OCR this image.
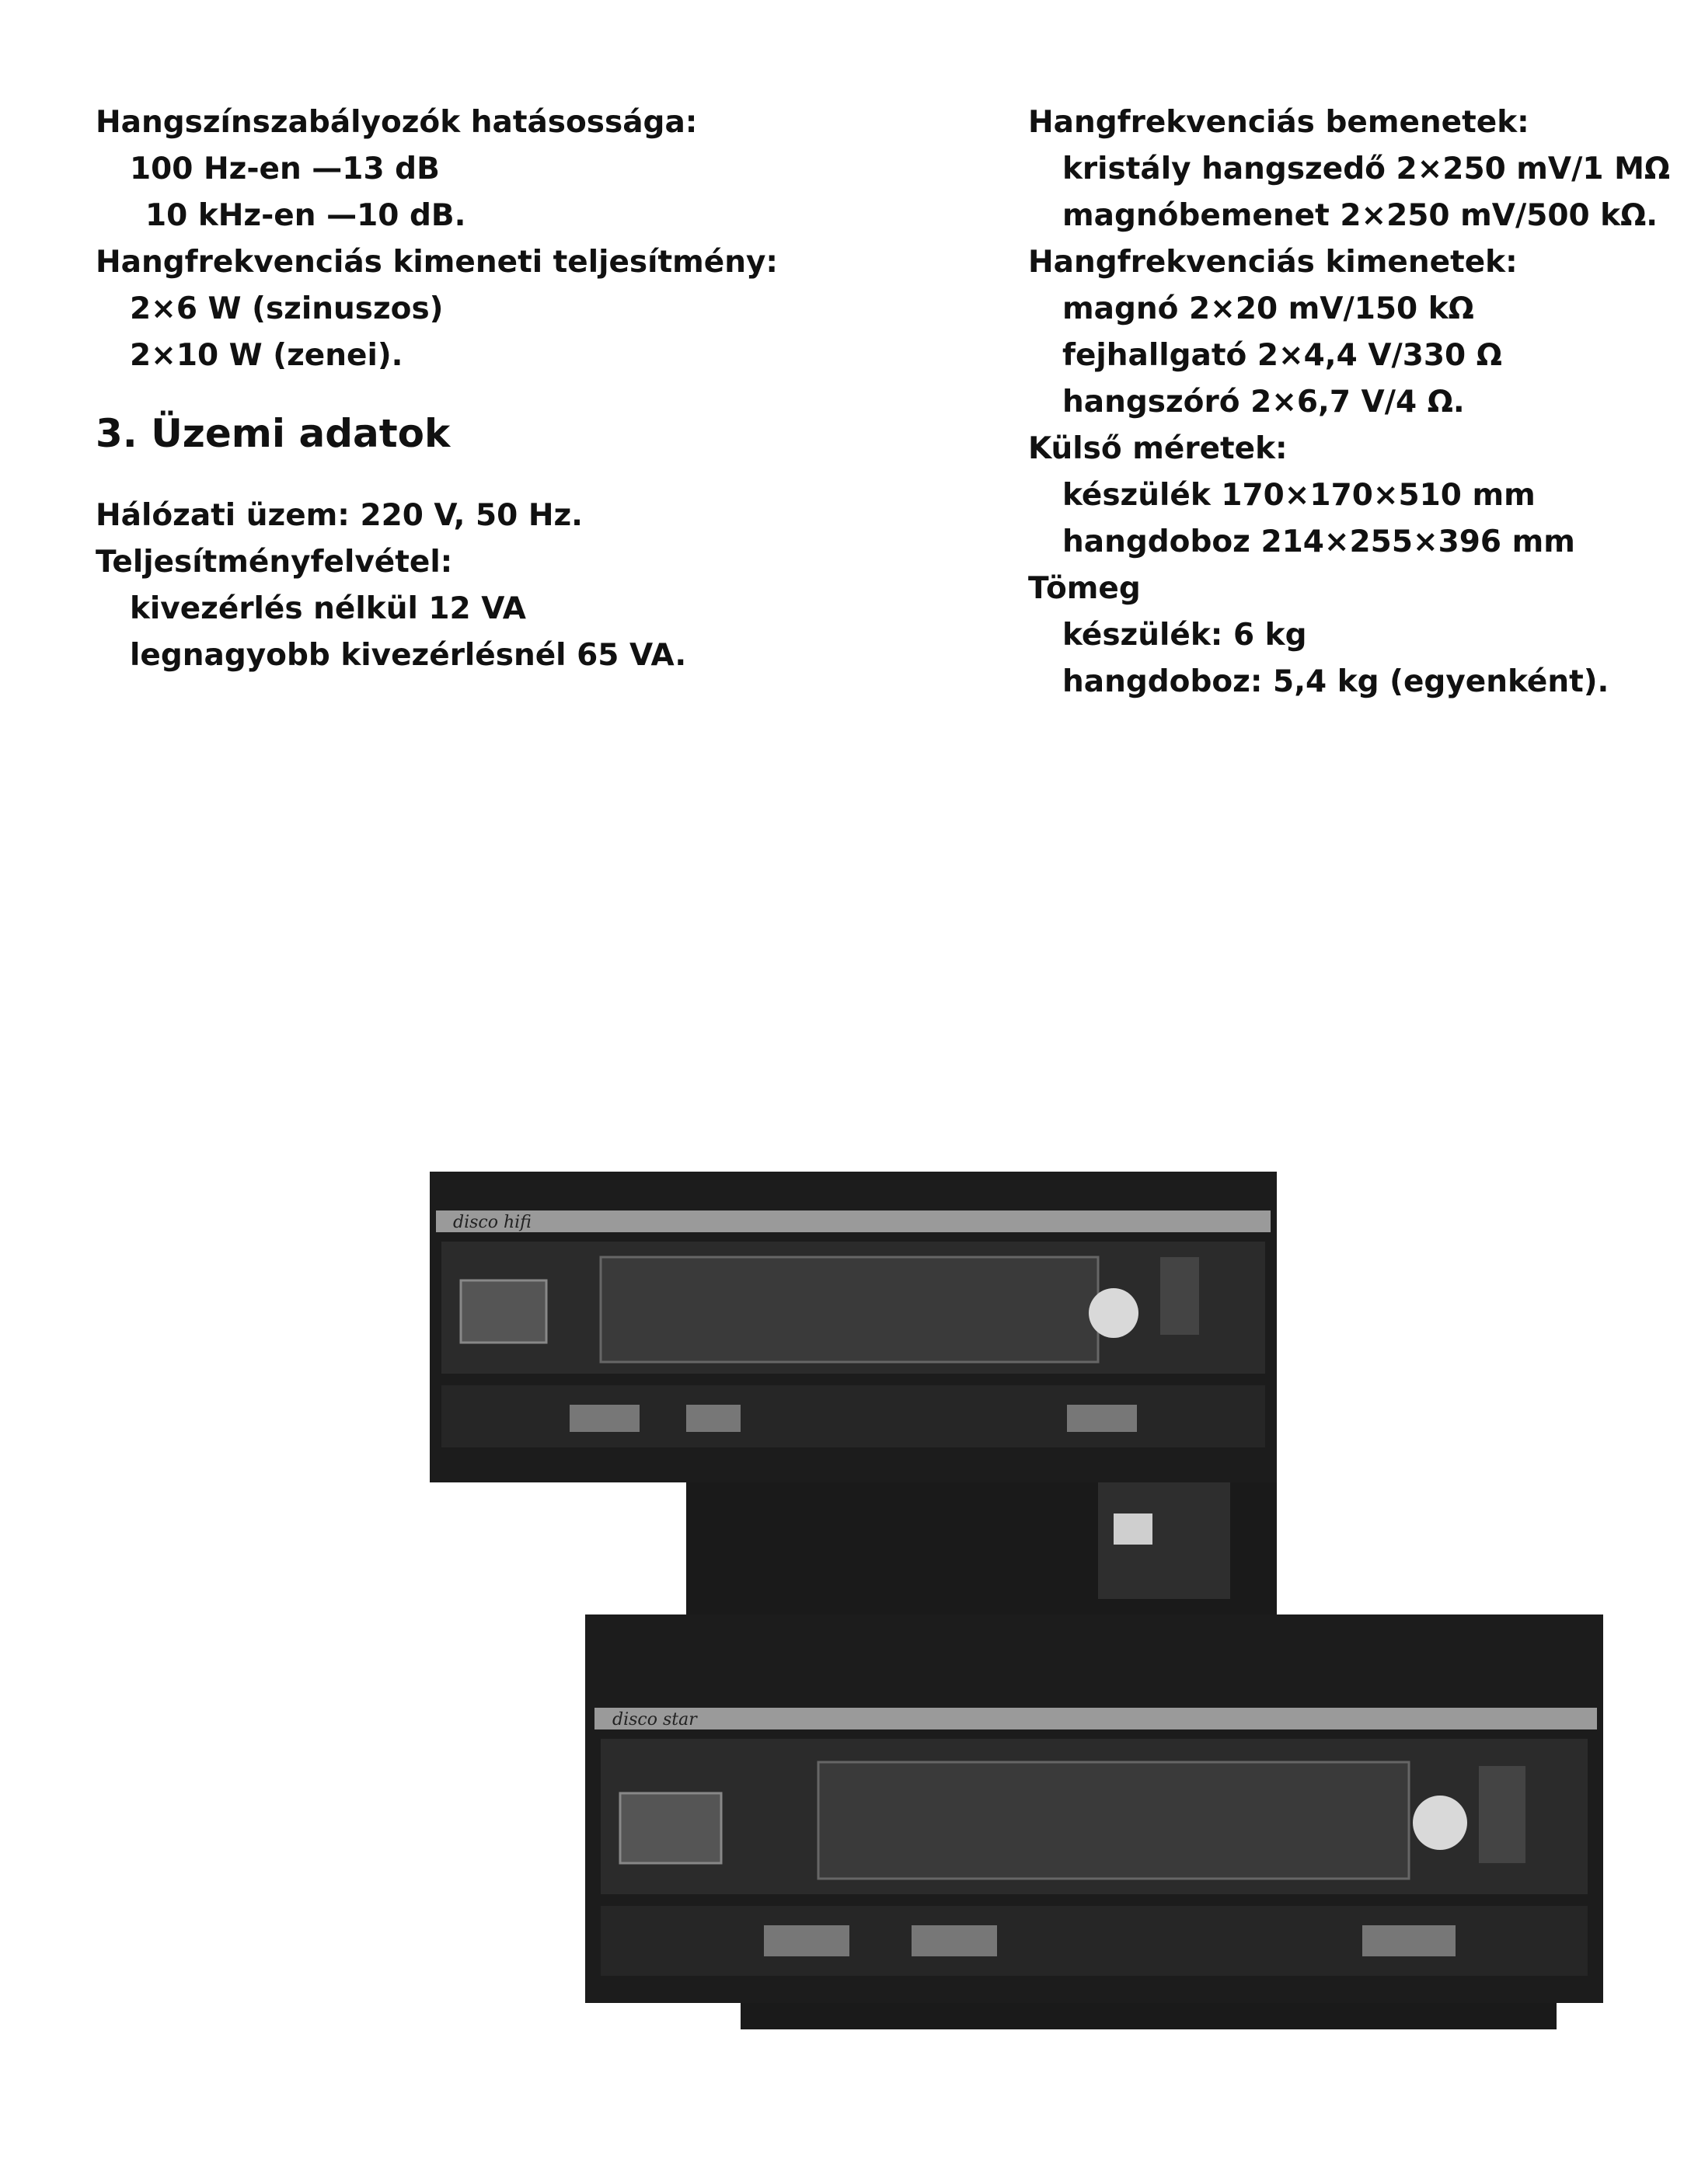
Hangszínszabályozók hatásossága:
100 Hz-en —13 dB
10 kHz-en —10 dB.
Hangfrekvenciás kimeneti teljesítmény:
2×6 W (szinuszos)
2×10 W (zenei).
3. Üzemi adatok
Hálózati üzem: 220 V, 50 Hz.
Teljesítményfelvétel:
kivezérlés nélkül 12 VA
legnagyobb kivezérlésnél 65 VA.
Hangfrekvenciás bemenetek:
kristály hangszedő 2×250 mV/1 MΩ
magnóbemenet 2×250 mV/500 kΩ.
Hangfrekvenciás kimenetek:
magnó 2×20 mV/150 kΩ
fejhallgató 2×4,4 V/330 Ω
hangszóró 2×6,7 V/4 Ω.
Külső méretek:
készülék 170×170×510 mm
hangdoboz 214×255×396 mm
Tömeg
készülék: 6 kg
hangdoboz: 5,4 kg (egyenként).
disco hifi
disco star
